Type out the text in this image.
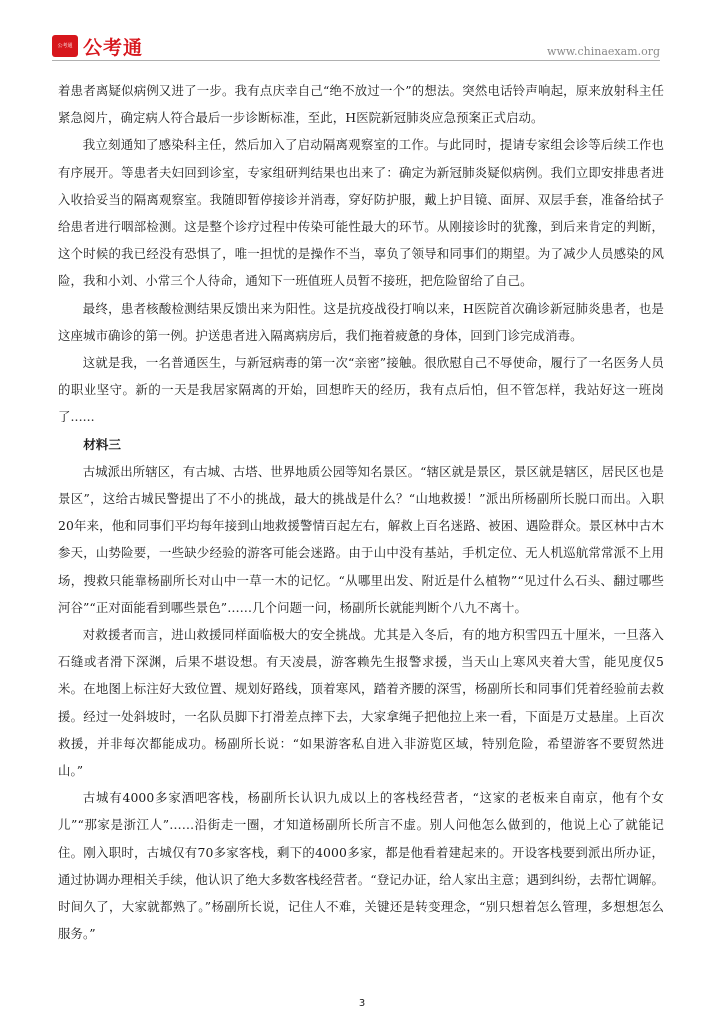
公考通 公考通	www.chinaexam.org

着患者离疑似病例又进了一步。我有点庆幸自己“绝不放过一个”的想法。突然电话铃声响起，原来放射科主任紧急阅片，确定病人符合最后一步诊断标准，至此，H医院新冠肺炎应急预案正式启动。

我立刻通知了感染科主任，然后加入了启动隔离观察室的工作。与此同时，提请专家组会诊等后续工作也有序展开。等患者夫妇回到诊室，专家组研判结果也出来了：确定为新冠肺炎疑似病例。我们立即安排患者进入收拾妥当的隔离观察室。我随即暂停接诊并消毒，穿好防护服，戴上护目镜、面屏、双层手套，准备给拭子给患者进行咽部检测。这是整个诊疗过程中传染可能性最大的环节。从刚接诊时的犹豫，到后来肯定的判断，这个时候的我已经没有恐惧了，唯一担忧的是操作不当，辜负了领导和同事们的期望。为了减少人员感染的风险，我和小刘、小常三个人待命，通知下一班值班人员暂不接班，把危险留给了自己。

最终，患者核酸检测结果反馈出来为阳性。这是抗疫战役打响以来，H医院首次确诊新冠肺炎患者，也是这座城市确诊的第一例。护送患者进入隔离病房后，我们拖着疲惫的身体，回到门诊完成消毒。

这就是我，一名普通医生，与新冠病毒的第一次“亲密”接触。很欣慰自己不辱使命，履行了一名医务人员的职业坚守。新的一天是我居家隔离的开始，回想昨天的经历，我有点后怕，但不管怎样，我站好这一班岗了......

材料三

古城派出所辖区，有古城、古塔、世界地质公园等知名景区。“辖区就是景区，景区就是辖区，居民区也是景区”，这给古城民警提出了不小的挑战，最大的挑战是什么？“山地救援！”派出所杨副所长脱口而出。入职20年来，他和同事们平均每年接到山地救援警情百起左右，解救上百名迷路、被困、遇险群众。景区林中古木参天，山势险要，一些缺少经验的游客可能会迷路。由于山中没有基站，手机定位、无人机巡航常常派不上用场，搜救只能靠杨副所长对山中一草一木的记忆。“从哪里出发、附近是什么植物”“见过什么石头、翻过哪些河谷”“正对面能看到哪些景色”……几个问题一问，杨副所长就能判断个八九不离十。

对救援者而言，进山救援同样面临极大的安全挑战。尤其是入冬后，有的地方积雪四五十厘米，一旦落入石缝或者滑下深渊，后果不堪设想。有天凌晨，游客赖先生报警求援，当天山上寒风夹着大雪，能见度仅5米。在地图上标注好大致位置、规划好路线，顶着寒风，踏着齐腰的深雪，杨副所长和同事们凭着经验前去救援。经过一处斜坡时，一名队员脚下打滑差点摔下去，大家拿绳子把他拉上来一看，下面是万丈悬崖。上百次救援，并非每次都能成功。杨副所长说：“如果游客私自进入非游览区域，特别危险，希望游客不要贸然进山。”

古城有4000多家酒吧客栈，杨副所长认识九成以上的客栈经营者，“这家的老板来自南京，他有个女儿”“那家是浙江人”……沿街走一圈，才知道杨副所长所言不虚。别人问他怎么做到的，他说上心了就能记住。刚入职时，古城仅有70多家客栈，剩下的4000多家，都是他看着建起来的。开设客栈要到派出所办证，通过协调办理相关手续，他认识了绝大多数客栈经营者。“登记办证，给人家出主意；遇到纠纷，去帮忙调解。时间久了，大家就都熟了。”杨副所长说，记住人不难，关键还是转变理念，“别只想着怎么管理，多想想怎么服务。”

3
